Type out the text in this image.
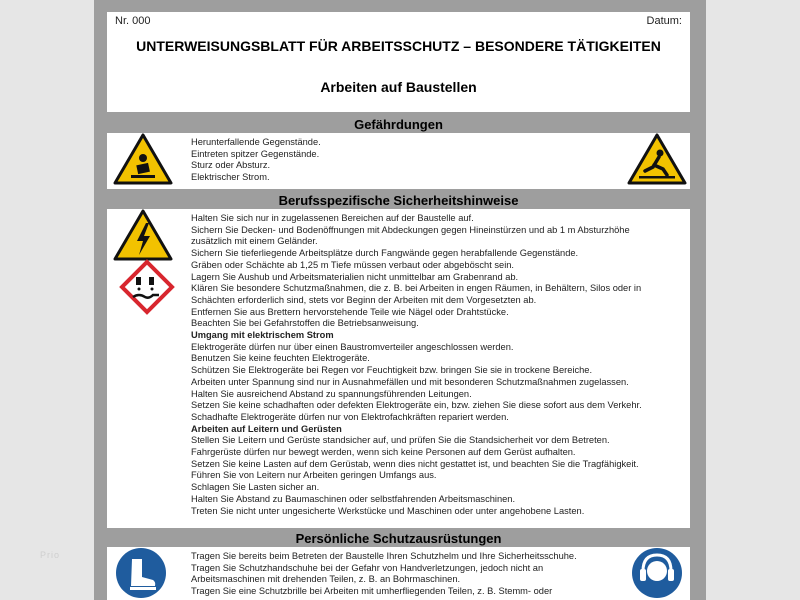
Prio
Nr. 000	Datum:
UNTERWEISUNGSBLATT FÜR ARBEITSSCHUTZ – BESONDERE TÄTIGKEITEN
Arbeiten auf Baustellen
Gefährdungen
Herunterfallende Gegenstände.
Eintreten spitzer Gegenstände.
Sturz oder Absturz.
Elektrischer Strom.
Berufsspezifische Sicherheitshinweise
Halten Sie sich nur in zugelassenen Bereichen auf der Baustelle auf.
Sichern Sie Decken- und Bodenöffnungen mit Abdeckungen gegen Hineinstürzen und ab 1 m Absturzhöhe
zusätzlich mit einem Geländer.
Sichern Sie tieferliegende Arbeitsplätze durch Fangwände gegen herabfallende Gegenstände.
Gräben oder Schächte ab 1,25 m Tiefe müssen verbaut oder abgeböscht sein.
Lagern Sie Aushub und Arbeitsmaterialien nicht unmittelbar am Grabenrand ab.
Klären Sie besondere Schutzmaßnahmen, die z. B. bei Arbeiten in engen Räumen, in Behältern, Silos oder in
Schächten erforderlich sind, stets vor Beginn der Arbeiten mit dem Vorgesetzten ab.
Entfernen Sie aus Brettern hervorstehende Teile wie Nägel oder Drahtstücke.
Beachten Sie bei Gefahrstoffen die Betriebsanweisung.
Umgang mit elektrischem Strom
Elektrogeräte dürfen nur über einen Baustromverteiler angeschlossen werden.
Benutzen Sie keine feuchten Elektrogeräte.
Schützen Sie Elektrogeräte bei Regen vor Feuchtigkeit bzw. bringen Sie sie in trockene Bereiche.
Arbeiten unter Spannung sind nur in Ausnahmefällen und mit besonderen Schutzmaßnahmen zugelassen.
Halten Sie ausreichend Abstand zu spannungsführenden Leitungen.
Setzen Sie keine schadhaften oder defekten Elektrogeräte ein, bzw. ziehen Sie diese sofort aus dem Verkehr.
Schadhafte Elektrogeräte dürfen nur von Elektrofachkräften repariert werden.
Arbeiten auf Leitern und Gerüsten
Stellen Sie Leitern und Gerüste standsicher auf, und prüfen Sie die Standsicherheit vor dem Betreten.
Fahrgerüste dürfen nur bewegt werden, wenn sich keine Personen auf dem Gerüst aufhalten.
Setzen Sie keine Lasten auf dem Gerüstab, wenn dies nicht gestattet ist, und beachten Sie die Tragfähigkeit.
Führen Sie von Leitern nur Arbeiten geringen Umfangs aus.
Schlagen Sie Lasten sicher an.
Halten Sie Abstand zu Baumaschinen oder selbstfahrenden Arbeitsmaschinen.
Treten Sie nicht unter ungesicherte Werkstücke und Maschinen oder unter angehobene Lasten.
Persönliche Schutzausrüstungen
Tragen Sie bereits beim Betreten der Baustelle Ihren Schutzhelm und Ihre Sicherheitsschuhe.
Tragen Sie Schutzhandschuhe bei der Gefahr von Handverletzungen, jedoch nicht an
Arbeitsmaschinen mit drehenden Teilen, z. B. an Bohrmaschinen.
Tragen Sie eine Schutzbrille bei Arbeiten mit umherfliegenden Teilen, z. B. Stemm- oder
